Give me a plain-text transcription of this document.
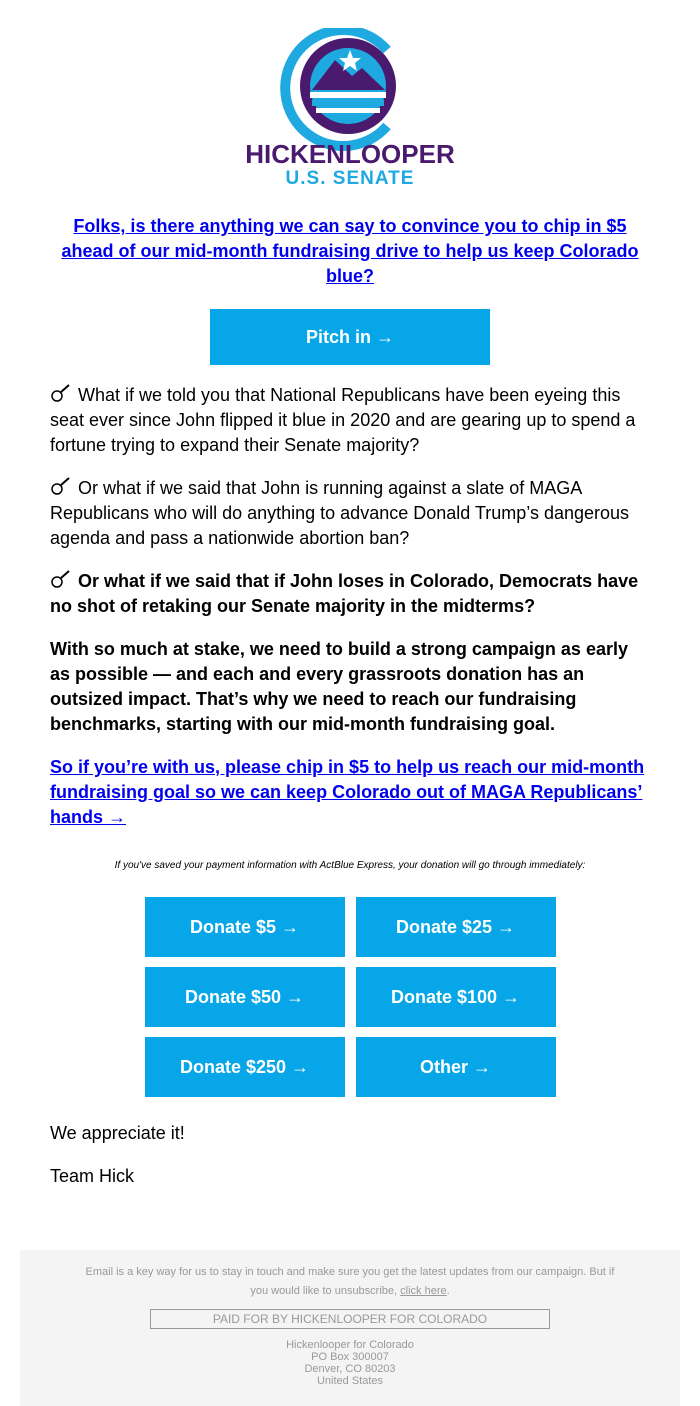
HICKENLOOPER
U.S. SENATE
Folks, is there anything we can say to convince you to chip in $5 ahead of our mid-month fundraising drive to help us keep Colorado blue?
Pitch in →

What if we told you that National Republicans have been eyeing this seat ever since John flipped it blue in 2020 and are gearing up to spend a fortune trying to expand their Senate majority?

Or what if we said that John is running against a slate of MAGA Republicans who will do anything to advance Donald Trump’s dangerous agenda and pass a nationwide abortion ban?

Or what if we said that if John loses in Colorado, Democrats have no shot of retaking our Senate majority in the midterms?

With so much at stake, we need to build a strong campaign as early as possible — and each and every grassroots donation has an outsized impact. That’s why we need to reach our fundraising benchmarks, starting with our mid-month fundraising goal.

So if you’re with us, please chip in $5 to help us reach our mid-month fundraising goal so we can keep Colorado out of MAGA Republicans’ hands →

If you've saved your payment information with ActBlue Express, your donation will go through immediately:
Donate $5 →	Donate $25 →
Donate $50 →	Donate $100 →
Donate $250 →	Other →

We appreciate it!

Team Hick

Email is a key way for us to stay in touch and make sure you get the latest updates from our campaign. But if you would like to unsubscribe, click here.
PAID FOR BY HICKENLOOPER FOR COLORADO
Hickenlooper for Colorado
PO Box 300007
Denver, CO 80203
United States
